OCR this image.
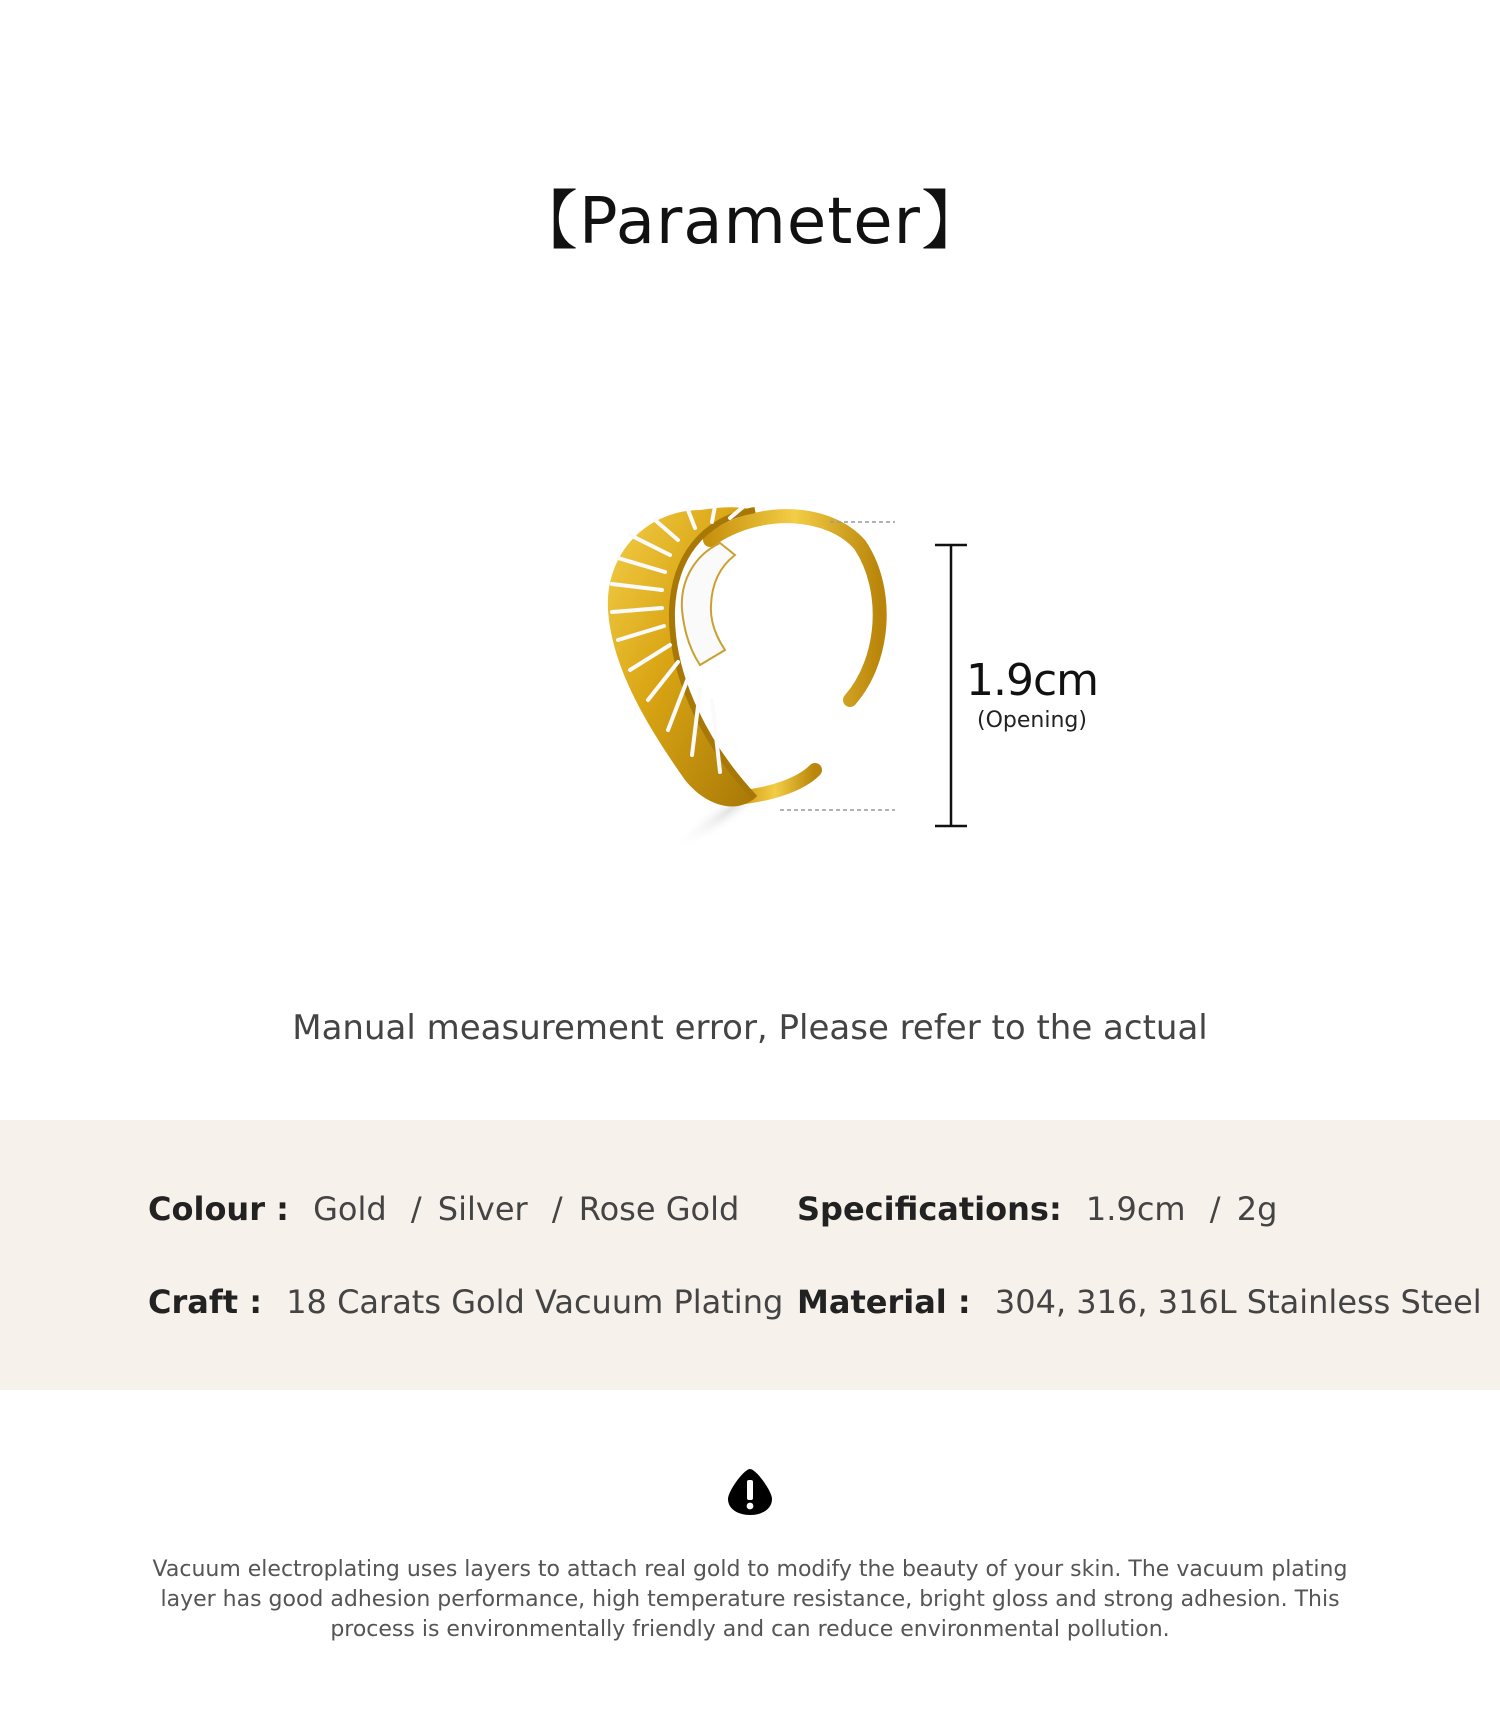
【Parameter】
1.9cm
(Opening)
Manual measurement error, Please refer to the actual
Colour : Gold / Silver / Rose Gold Specifications: 1.9cm / 2g
Craft : 18 Carats Gold Vacuum Plating Material : 304, 316, 316L Stainless Steel
Vacuum electroplating uses layers to attach real gold to modify the beauty of your skin. The vacuum plating layer has good adhesion performance, high temperature resistance, bright gloss and strong adhesion. This process is environmentally friendly and can reduce environmental pollution.
